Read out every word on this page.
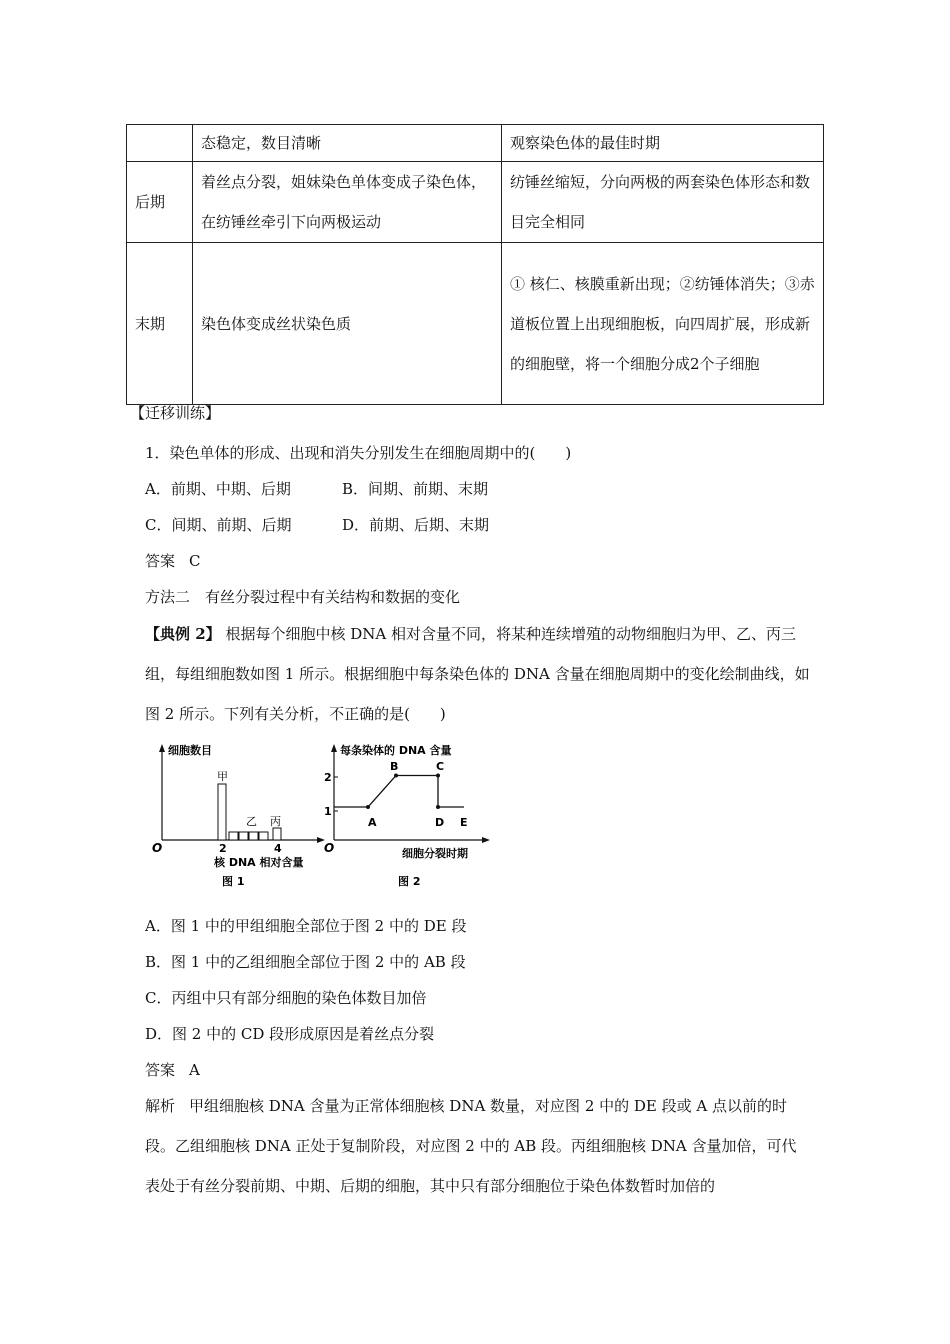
	态稳定，数目清晰	观察染色体的最佳时期
后期	着丝点分裂，姐妹染色单体变成子染色体，在纺锤丝牵引下向两极运动	纺锤丝缩短，分向两极的两套染色体形态和数目完全相同
末期	染色体变成丝状染色质	① 核仁、核膜重新出现；②纺锤体消失；③赤道板位置上出现细胞板，向四周扩展，形成新的细胞壁，将一个细胞分成2个子细胞
【迁移训练】
1．染色单体的形成、出现和消失分别发生在细胞周期中的(　　)
A．前期、中期、后期	B．间期、前期、末期
C．间期、前期、后期	D．前期、后期、末期
答案 C
方法二　有丝分裂过程中有关结构和数据的变化
【典例 2】 根据每个细胞中核 DNA 相对含量不同，将某种连续增殖的动物细胞归为甲、乙、丙三组，每组细胞数如图 1 所示。根据细胞中每条染色体的 DNA 含量在细胞周期中的变化绘制曲线，如图 2 所示。下列有关分析，不正确的是(　　)
细胞数目
O
甲
乙 丙
2	4
核 DNA 相对含量
图 1
每条染体的 DNA 含量
O
2
1
A
B	C
D E
细胞分裂时期
图 2
A．图 1 中的甲组细胞全部位于图 2 中的 DE 段
B．图 1 中的乙组细胞全部位于图 2 中的 AB 段
C．丙组中只有部分细胞的染色体数目加倍
D．图 2 中的 CD 段形成原因是着丝点分裂
答案 A
解析 甲组细胞核 DNA 含量为正常体细胞核 DNA 数量，对应图 2 中的 DE 段或 A 点以前的时段。乙组细胞核 DNA 正处于复制阶段，对应图 2 中的 AB 段。丙组细胞核 DNA 含量加倍，可代表处于有丝分裂前期、中期、后期的细胞，其中只有部分细胞位于染色体数暂时加倍的
